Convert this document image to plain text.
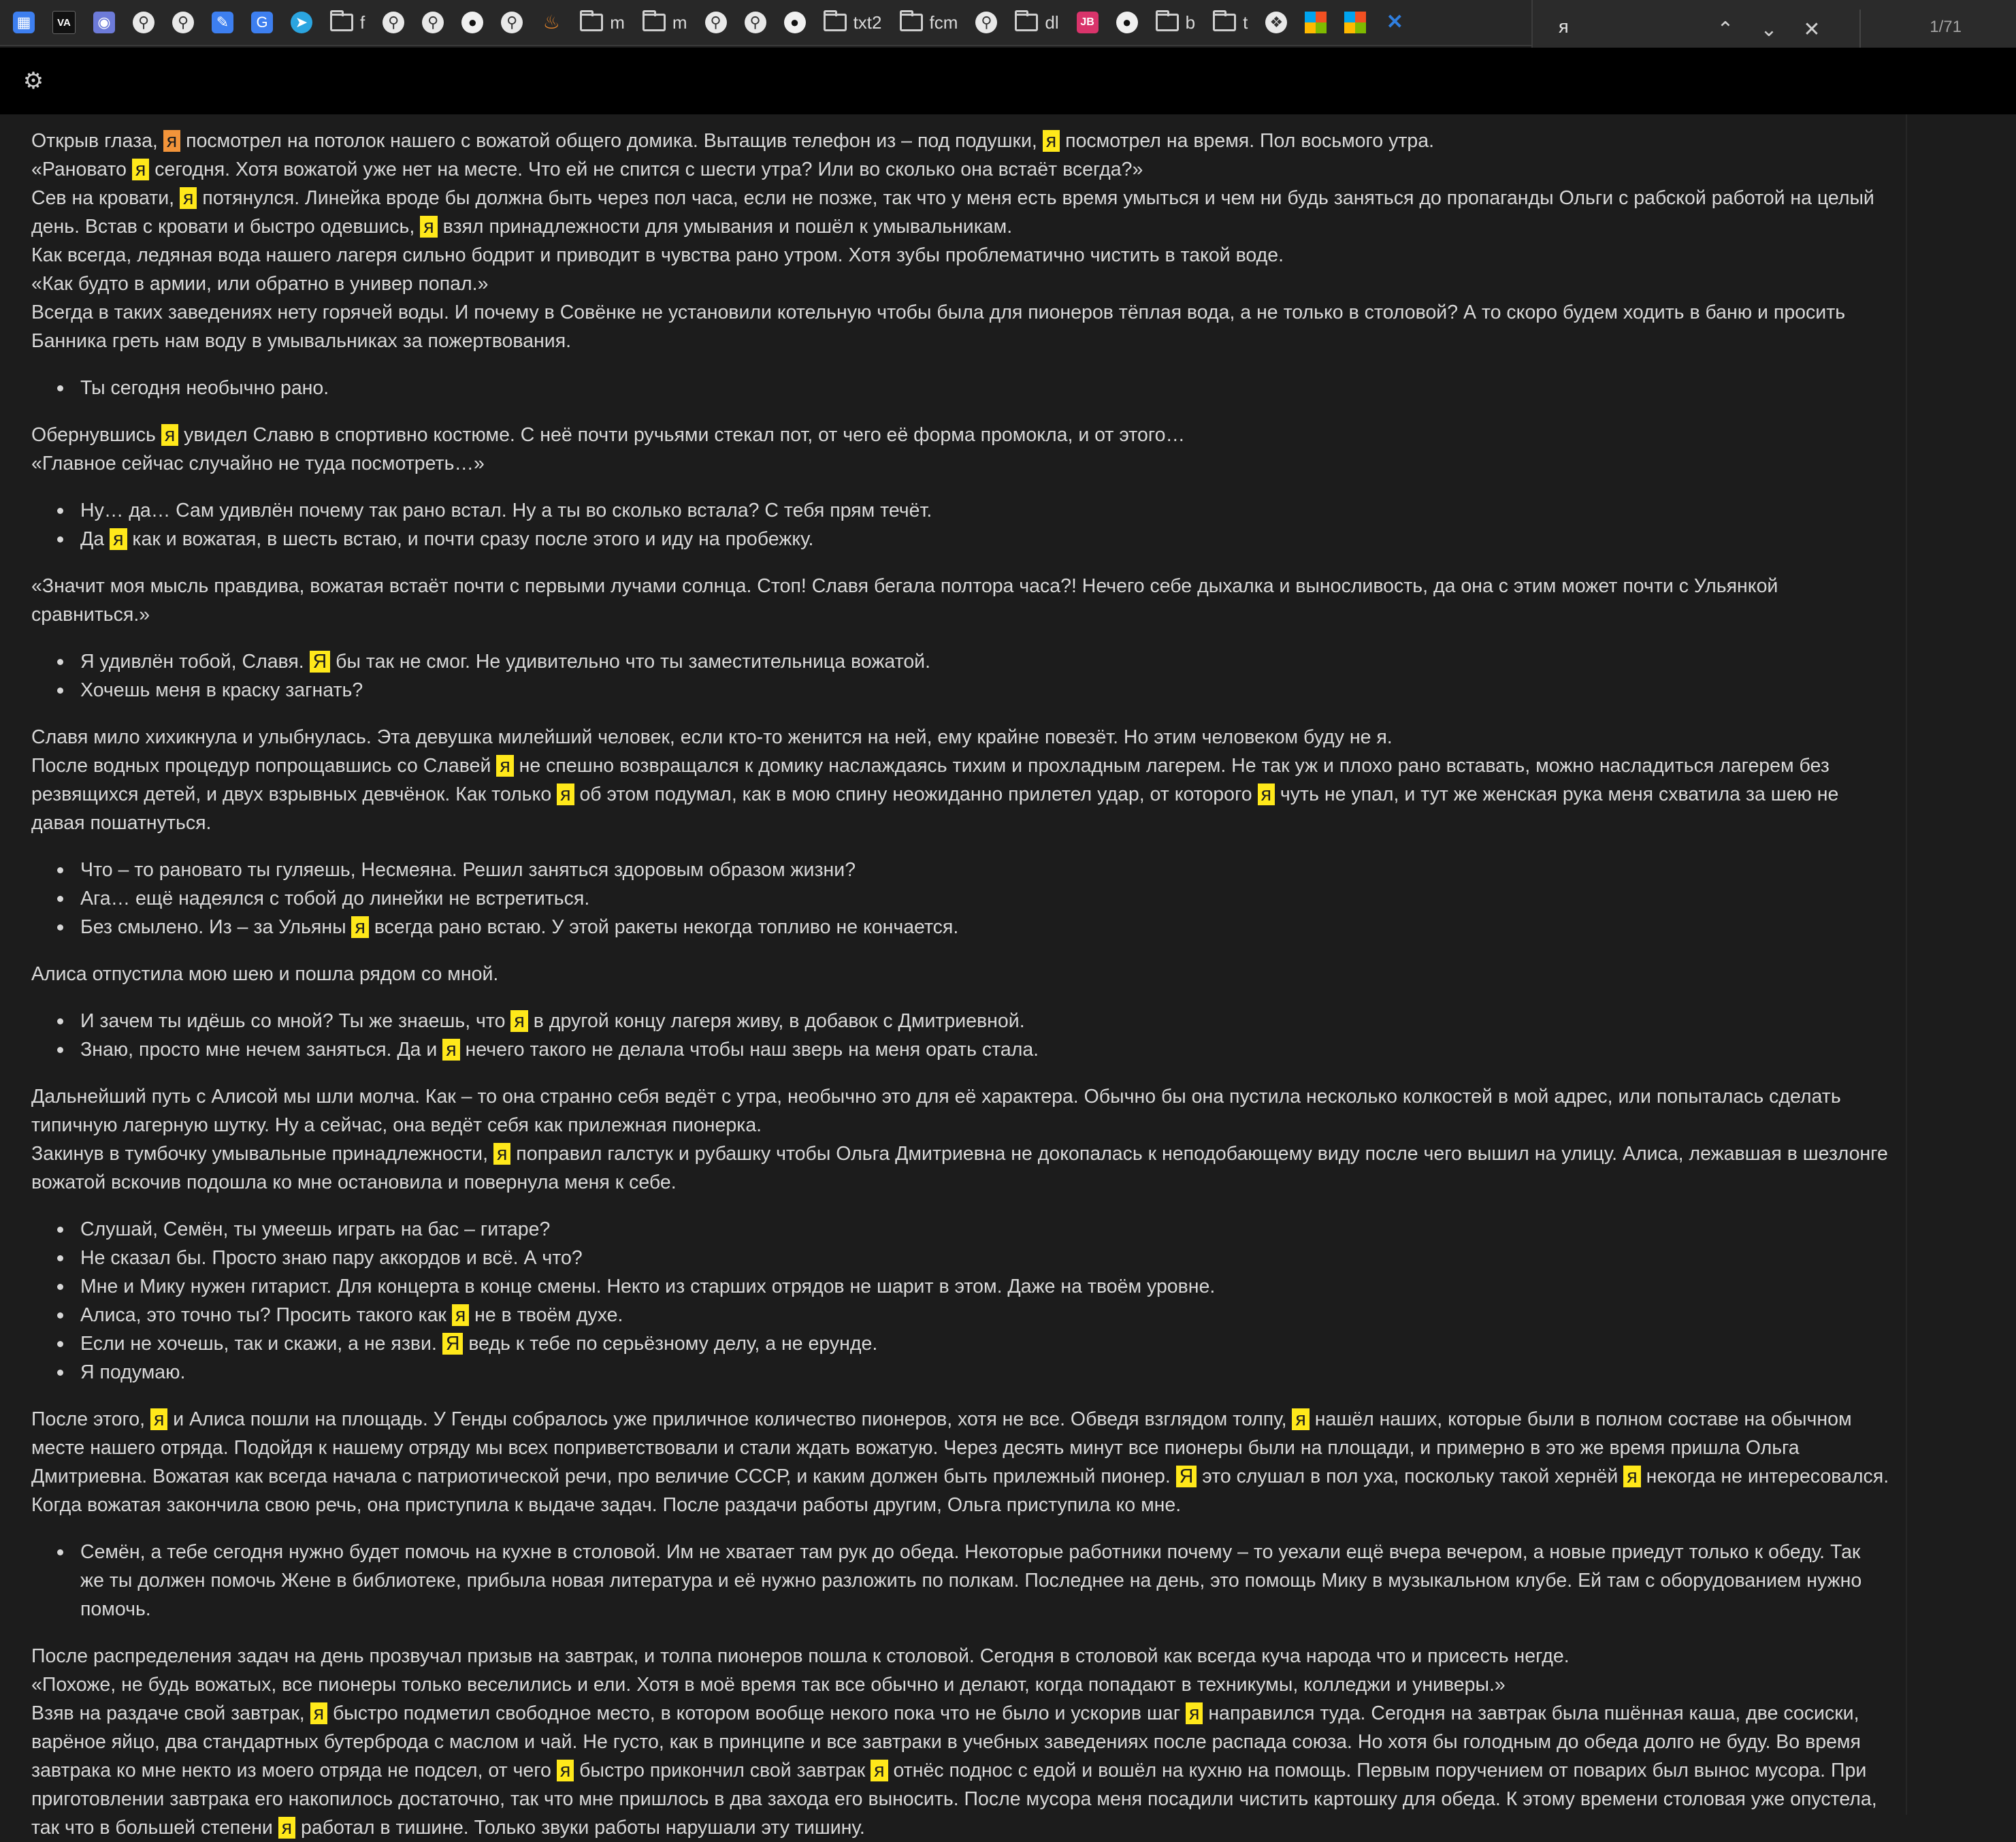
▦	VA	◉	⚲	⚲	✎	G	➤	f	⚲	⚲	●	⚲ ♨	m	m	⚲	⚲	●	txt2	fcm	⚲	dl	JB	●	b	t ❖	✕	я	1/71
⌃ ⌄ ✕
⚙

Открыв глаза, я посмотрел на потолок нашего с вожатой общего домика. Вытащив телефон из – под подушки, я посмотрел на время. Пол восьмого утра.

«Рановато я сегодня. Хотя вожатой уже нет на месте. Что ей не спится с шести утра? Или во сколько она встаёт всегда?»

Сев на кровати, я потянулся. Линейка вроде бы должна быть через пол часа, если не позже, так что у меня есть время умыться и чем ни будь заняться до пропаганды Ольги с рабской работой на целый день. Встав с кровати и быстро одевшись, я взял принадлежности для умывания и пошёл к умывальникам.

Как всегда, ледяная вода нашего лагеря сильно бодрит и приводит в чувства рано утром. Хотя зубы проблематично чистить в такой воде.

«Как будто в армии, или обратно в универ попал.»

Всегда в таких заведениях нету горячей воды. И почему в Совёнке не установили котельную чтобы была для пионеров тёплая вода, а не только в столовой? А то скоро будем ходить в баню и просить Банника греть нам воду в умывальниках за пожертвования.

Ты сегодня необычно рано.

Обернувшись я увидел Славю в спортивно костюме. С неё почти ручьями стекал пот, от чего её форма промокла, и от этого…

«Главное сейчас случайно не туда посмотреть…»

Ну… да… Сам удивлён почему так рано встал. Ну а ты во сколько встала? С тебя прям течёт.
Да я как и вожатая, в шесть встаю, и почти сразу после этого и иду на пробежку.

«Значит моя мысль правдива, вожатая встаёт почти с первыми лучами солнца. Стоп! Славя бегала полтора часа?! Нечего себе дыхалка и выносливость, да она с этим может почти с Ульянкой сравниться.»

Я удивлён тобой, Славя. Я бы так не смог. Не удивительно что ты заместительница вожатой.
Хочешь меня в краску загнать?

Славя мило хихикнула и улыбнулась. Эта девушка милейший человек, если кто-то женится на ней, ему крайне повезёт. Но этим человеком буду не я.

После водных процедур попрощавшись со Славей я не спешно возвращался к домику наслаждаясь тихим и прохладным лагерем. Не так уж и плохо рано вставать, можно насладиться лагерем без резвящихся детей, и двух взрывных девчёнок. Как только я об этом подумал, как в мою спину неожиданно прилетел удар, от которого я чуть не упал, и тут же женская рука меня схватила за шею не давая пошатнуться.

Что – то рановато ты гуляешь, Несмеяна. Решил заняться здоровым образом жизни?
Ага… ещё надеялся с тобой до линейки не встретиться.
Без смылено. Из – за Ульяны я всегда рано встаю. У этой ракеты некогда топливо не кончается.

Алиса отпустила мою шею и пошла рядом со мной.

И зачем ты идёшь со мной? Ты же знаешь, что я в другой концу лагеря живу, в добавок с Дмитриевной.
Знаю, просто мне нечем заняться. Да и я нечего такого не делала чтобы наш зверь на меня орать стала.

Дальнейший путь с Алисой мы шли молча. Как – то она странно себя ведёт с утра, необычно это для её характера. Обычно бы она пустила несколько колкостей в мой адрес, или попыталась сделать типичную лагерную шутку. Ну а сейчас, она ведёт себя как прилежная пионерка.

Закинув в тумбочку умывальные принадлежности, я поправил галстук и рубашку чтобы Ольга Дмитриевна не докопалась к неподобающему виду после чего вышил на улицу. Алиса, лежавшая в шезлонге вожатой вскочив подошла ко мне остановила и повернула меня к себе.

Слушай, Семён, ты умеешь играть на бас – гитаре?
Не сказал бы. Просто знаю пару аккордов и всё. А что?
Мне и Мику нужен гитарист. Для концерта в конце смены. Некто из старших отрядов не шарит в этом. Даже на твоём уровне.
Алиса, это точно ты? Просить такого как я не в твоём духе.
Если не хочешь, так и скажи, а не язви. Я ведь к тебе по серьёзному делу, а не ерунде.
Я подумаю.

После этого, я и Алиса пошли на площадь. У Генды собралось уже приличное количество пионеров, хотя не все. Обведя взглядом толпу, я нашёл наших, которые были в полном составе на обычном месте нашего отряда. Подойдя к нашему отряду мы всех поприветствовали и стали ждать вожатую. Через десять минут все пионеры были на площади, и примерно в это же время пришла Ольга Дмитриевна. Вожатая как всегда начала с патриотической речи, про величие СССР, и каким должен быть прилежный пионер. Я это слушал в пол уха, поскольку такой хернёй я некогда не интересовался. Когда вожатая закончила свою речь, она приступила к выдаче задач. После раздачи работы другим, Ольга приступила ко мне.

Семён, а тебе сегодня нужно будет помочь на кухне в столовой. Им не хватает там рук до обеда. Некоторые работники почему – то уехали ещё вчера вечером, а новые приедут только к обеду. Так же ты должен помочь Жене в библиотеке, прибыла новая литература и её нужно разложить по полкам. Последнее на день, это помощь Мику в музыкальном клубе. Ей там с оборудованием нужно помочь.

После распределения задач на день прозвучал призыв на завтрак, и толпа пионеров пошла к столовой. Сегодня в столовой как всегда куча народа что и присесть негде.

«Похоже, не будь вожатых, все пионеры только веселились и ели. Хотя в моё время так все обычно и делают, когда попадают в техникумы, колледжи и универы.»

Взяв на раздаче свой завтрак, я быстро подметил свободное место, в котором вообще некого пока что не было и ускорив шаг я направился туда. Сегодня на завтрак была пшённая каша, две сосиски, варёное яйцо, два стандартных бутерброда с маслом и чай. Не густо, как в принципе и все завтраки в учебных заведениях после распада союза. Но хотя бы голодным до обеда долго не буду. Во время завтрака ко мне некто из моего отряда не подсел, от чего я быстро прикончил свой завтрак я отнёс поднос с едой и вошёл на кухню на помощь. Первым поручением от поварих был вынос мусора. При приготовлении завтрака его накопилось достаточно, так что мне пришлось в два захода его выносить. После мусора меня посадили чистить картошку для обеда. К этому времени столовая уже опустела, так что в большей степени я работал в тишине. Только звуки работы нарушали эту тишину.
